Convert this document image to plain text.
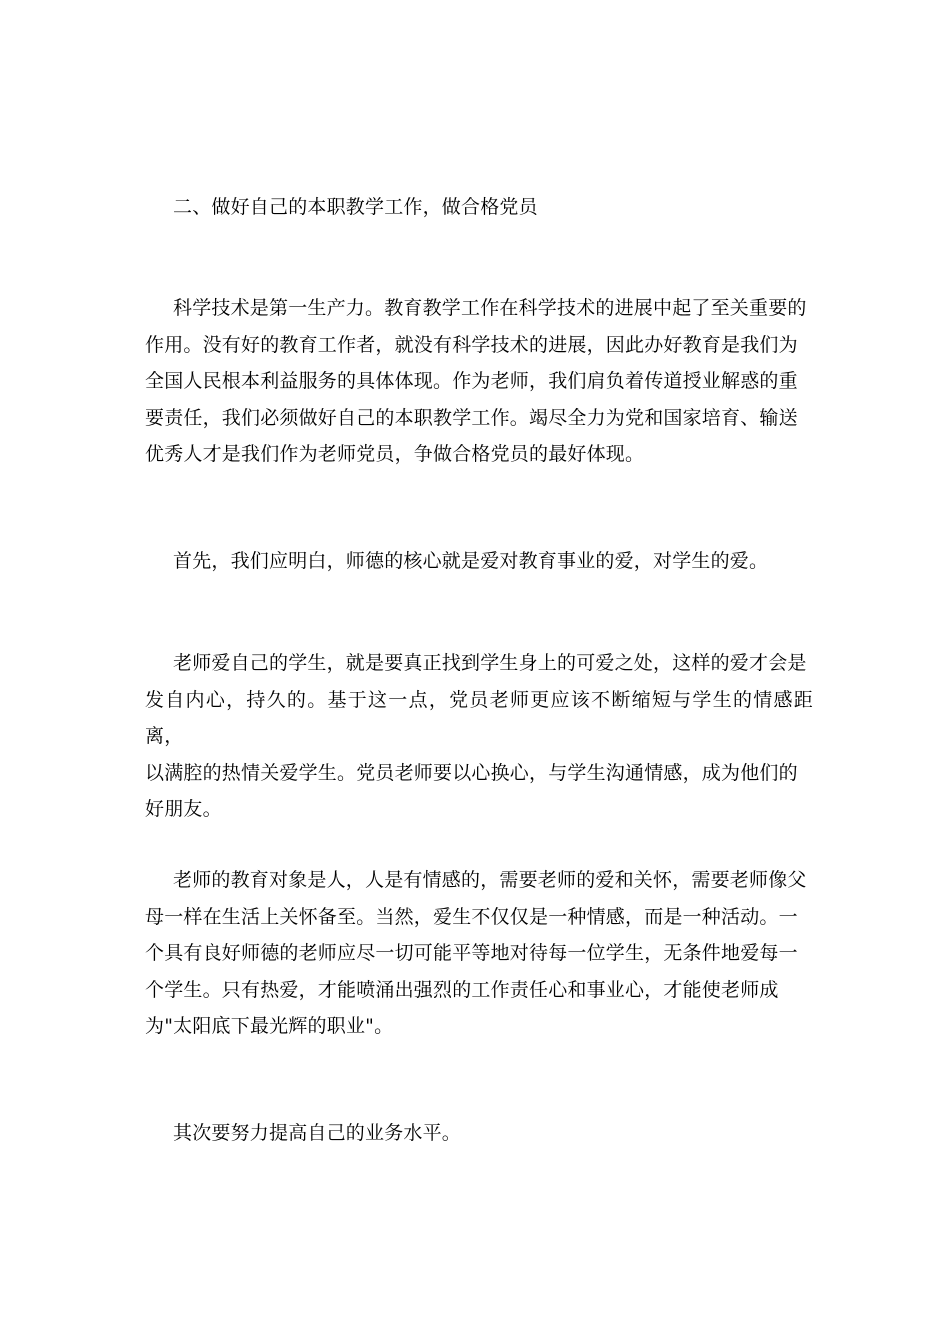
二、做好自己的本职教学工作，做合格党员

科学技术是第一生产力。教育教学工作在科学技术的进展中起了至关重要的
作用。没有好的教育工作者，就没有科学技术的进展，因此办好教育是我们为
全国人民根本利益服务的具体体现。作为老师，我们肩负着传道授业解惑的重
要责任，我们必须做好自己的本职教学工作。竭尽全力为党和国家培育、输送
优秀人才是我们作为老师党员，争做合格党员的最好体现。

首先，我们应明白，师德的核心就是爱对教育事业的爱，对学生的爱。

老师爱自己的学生，就是要真正找到学生身上的可爱之处，这样的爱才会是
发自内心，持久的。基于这一点，党员老师更应该不断缩短与学生的情感距离，
以满腔的热情关爱学生。党员老师要以心换心，与学生沟通情感，成为他们的
好朋友。

老师的教育对象是人，人是有情感的，需要老师的爱和关怀，需要老师像父
母一样在生活上关怀备至。当然，爱生不仅仅是一种情感，而是一种活动。一
个具有良好师德的老师应尽一切可能平等地对待每一位学生，无条件地爱每一
个学生。只有热爱，才能喷涌出强烈的工作责任心和事业心，才能使老师成
为"太阳底下最光辉的职业"。

其次要努力提高自己的业务水平。
